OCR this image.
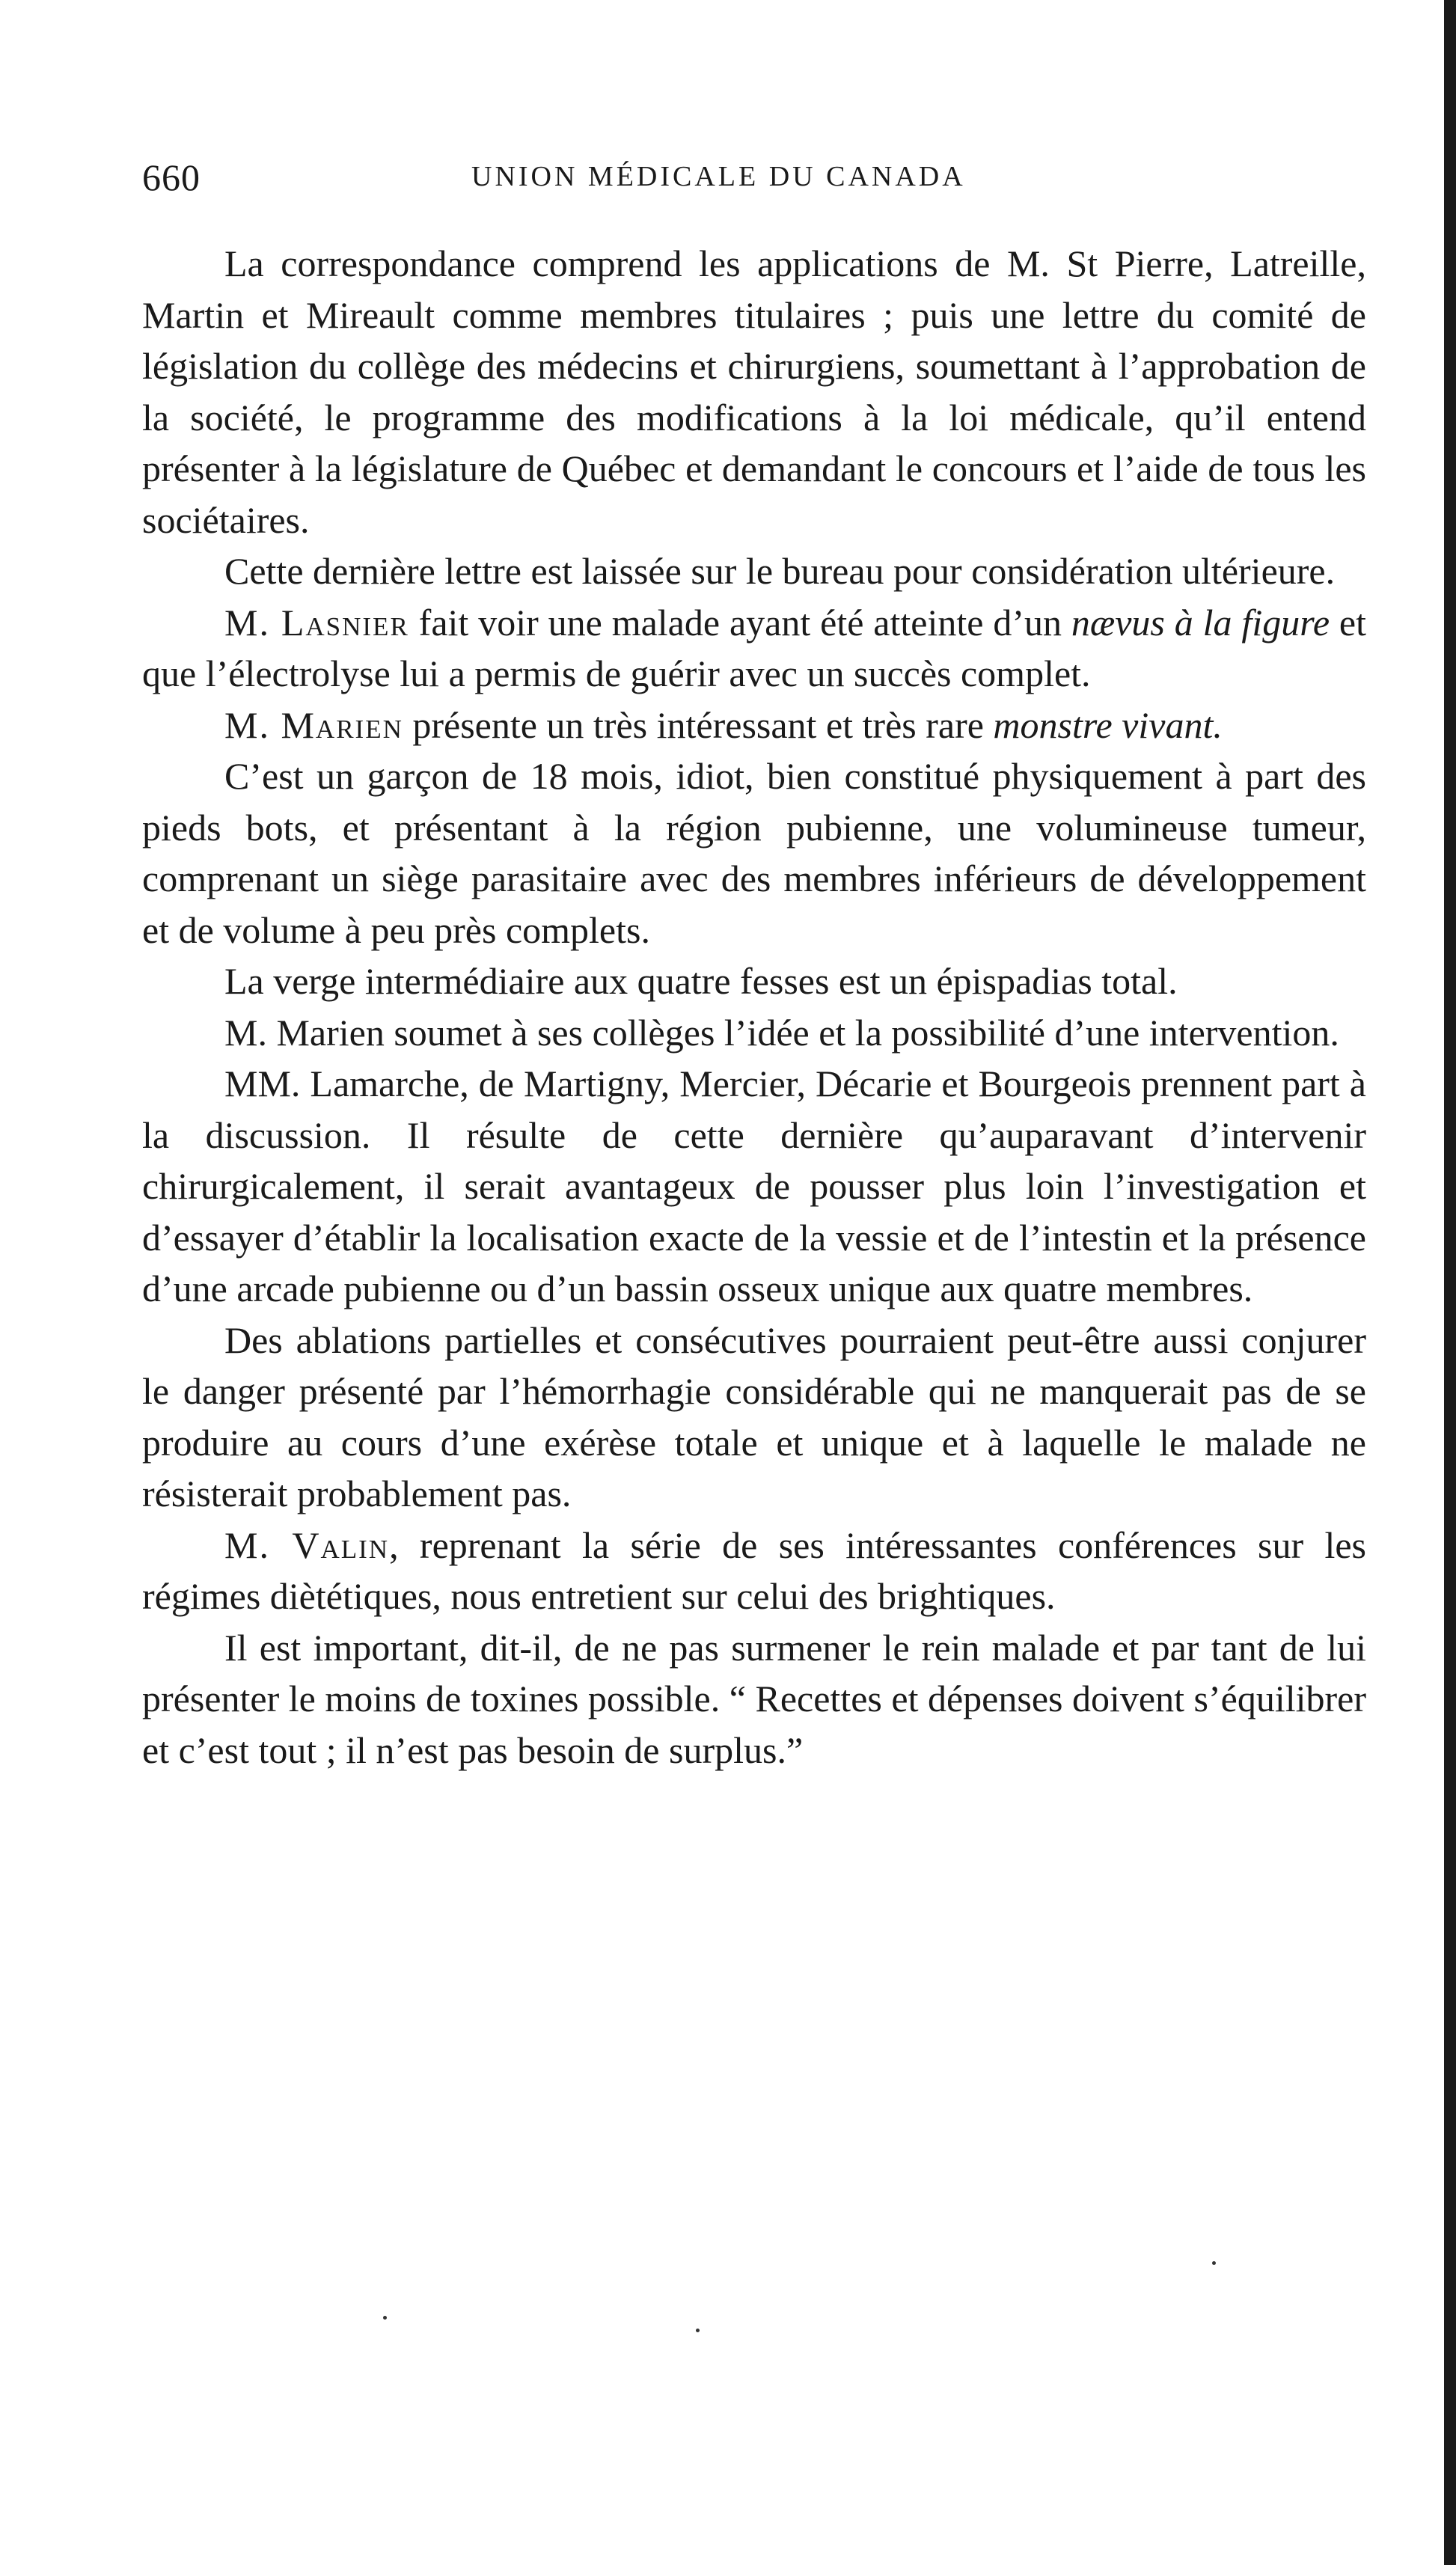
660	UNION MÉDICALE DU CANADA

La correspondance comprend les applications de M. St Pierre, Latreille, Martin et Mireault comme membres titulaires ; puis une lettre du comité de législation du collège des médecins et chirurgiens, soumettant à l’approbation de la société, le programme des modifications à la loi médicale, qu’il entend présenter à la législature de Québec et demandant le concours et l’aide de tous les sociétaires.

Cette dernière lettre est laissée sur le bureau pour considération ultérieure.

M. Lasnier fait voir une malade ayant été atteinte d’un nævus à la figure et que l’électrolyse lui a permis de guérir avec un succès complet.

M. Marien présente un très intéressant et très rare monstre vivant.

C’est un garçon de 18 mois, idiot, bien constitué physiquement à part des pieds bots, et présentant à la région pubienne, une volumineuse tumeur, comprenant un siège parasitaire avec des membres inférieurs de développement et de volume à peu près complets.

La verge intermédiaire aux quatre fesses est un épispadias total.

M. Marien soumet à ses collèges l’idée et la possibilité d’une intervention.

MM. Lamarche, de Martigny, Mercier, Décarie et Bourgeois prennent part à la discussion. Il résulte de cette dernière qu’auparavant d’intervenir chirurgicalement, il serait avantageux de pousser plus loin l’investigation et d’essayer d’établir la localisation exacte de la vessie et de l’intestin et la présence d’une arcade pubienne ou d’un bassin osseux unique aux quatre membres.

Des ablations partielles et consécutives pourraient peut-être aussi conjurer le danger présenté par l’hémorrhagie considérable qui ne manquerait pas de se produire au cours d’une exérèse totale et unique et à laquelle le malade ne résisterait probablement pas.

M. Valin, reprenant la série de ses intéressantes conférences sur les régimes diètétiques, nous entretient sur celui des brightiques.

Il est important, dit-il, de ne pas surmener le rein malade et par tant de lui présenter le moins de toxines possible. “ Recettes et dépenses doivent s’équilibrer et c’est tout ; il n’est pas besoin de surplus.”
